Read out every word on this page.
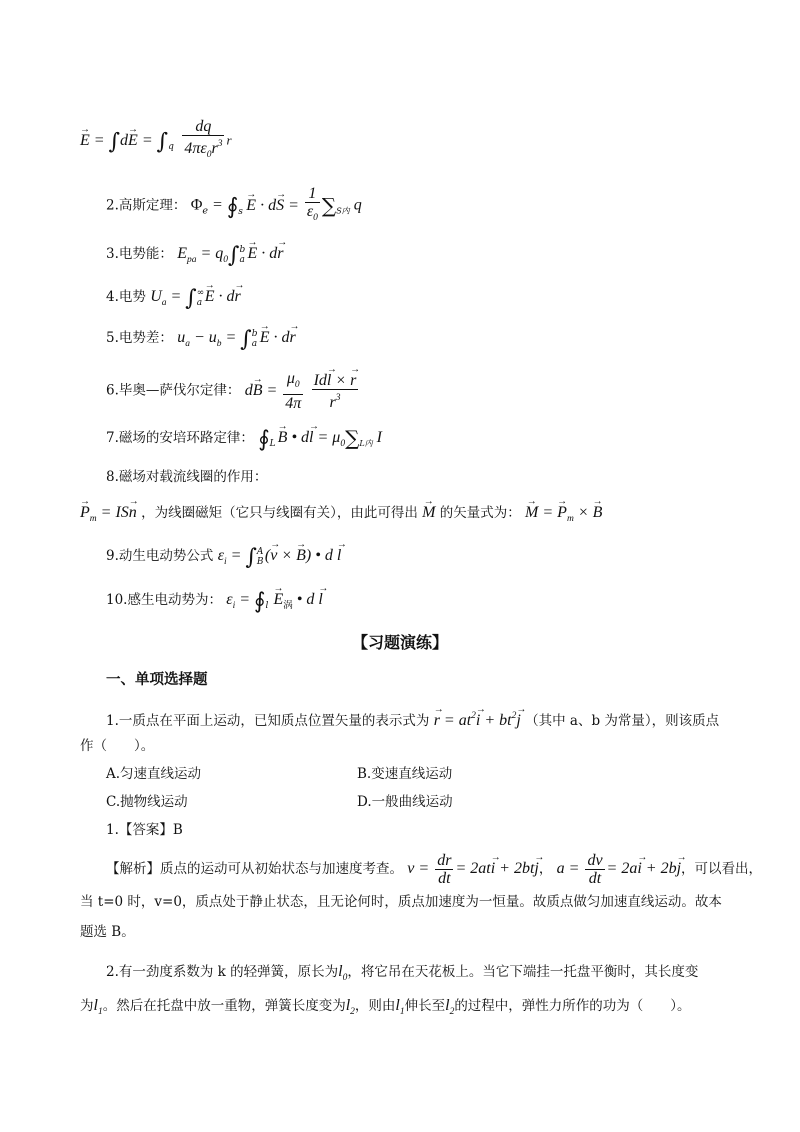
→ E = ∫d→ E = ∫ q
$\frac{dq}{4\pi\varepsilon_0r^3}$ r
2.高斯定理： $\Phi_e$ = ∮ s
→ $E \cdot d\to S = \frac{1}{\varepsilon_0} \sum_{S内}$ q
3.电势能： $E_{pa} = q_0\int$ b
a
→ E · d→ r
4.电势 $U_a$ = ∫ ∞
a
→ E · d→ r
5.电势差： $u_a - u_b$ = ∫ b
a
→ E · d→ r
6.毕奥—萨伐尔定律： $d\to B = \frac{\mu_0}{4\pi}$
$\frac{Id\to l \times \to r}{r^3}$
7.磁场的安培环路定律： ∮ L
→ B • $d\to l = \mu_0\sum_{L内}$ I
8.磁场对载流线圈的作用：
→ $P_m = IS\to n$ ，为线圈磁矩（它只与线圈有关），由此可得出 → M 的矢量式为： → M = → $P_m$ × → B
9.动生电动势公式 $\varepsilon_i$ = ∫ A
B (→ v × → B) • d → l
10.感生电动势为： $\varepsilon_i$ = ∮ l
→ $E_涡$ • d → l
【习题演练】
一、单项选择题
1.一质点在平面上运动，已知质点位置矢量的表示式为 → $r = at^2\to i + bt^2\to j$ （其中 a、b 为常量），则该质点
作（　　）。
A.匀速直线运动	B.变速直线运动
C.抛物线运动	D.一般曲线运动
1.【答案】B
【解析】质点的运动可从初始状态与加速度考查。 $v = \frac{dr}{dt} = 2at\to i + 2bt\to j$， $a = \frac{dv}{dt} = 2a\to i + 2b\to j$，可以看出，
当 t=0 时，v=0，质点处于静止状态，且无论何时，质点加速度为一恒量。故质点做匀加速直线运动。故本
题选 B。
2.有一劲度系数为 k 的轻弹簧，原长为$l_0$，将它吊在天花板上。当它下端挂一托盘平衡时，其长度变
为$l_1$。然后在托盘中放一重物，弹簧长度变为$l_2$，则由$l_1$伸长至$l_2$的过程中，弹性力所作的功为（　　）。
